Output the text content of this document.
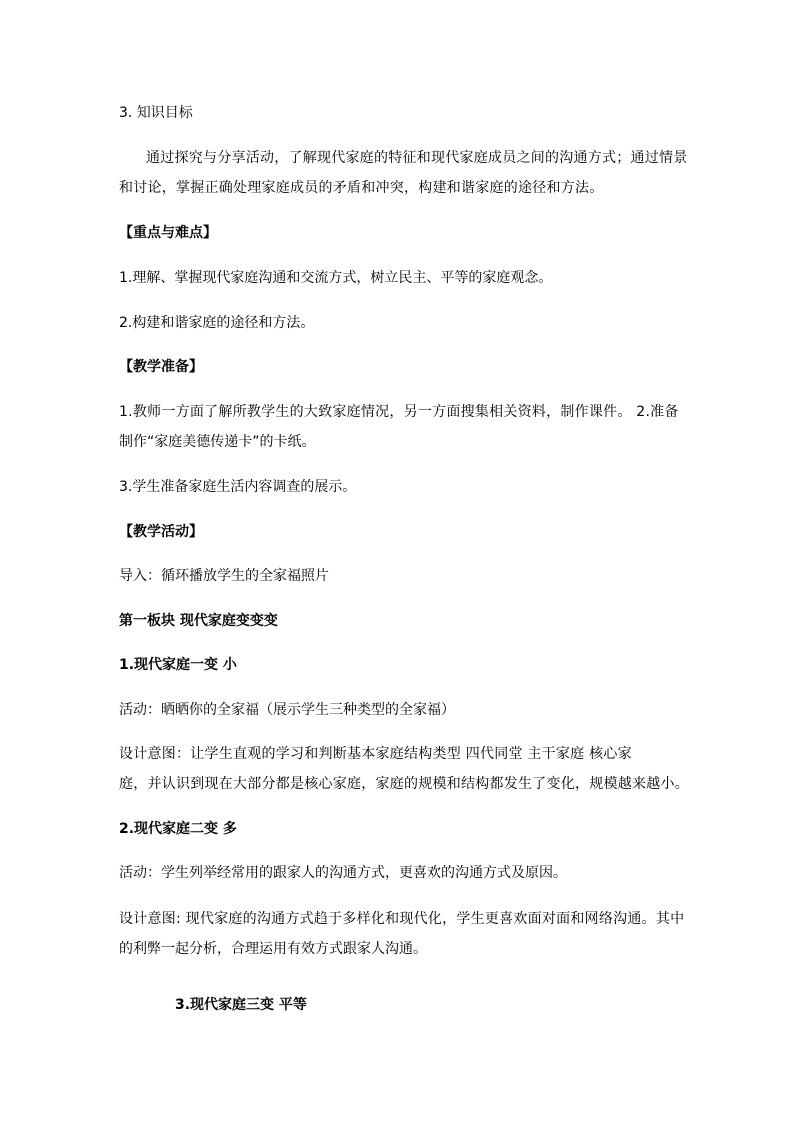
3. 知识目标
通过探究与分享活动，了解现代家庭的特征和现代家庭成员之间的沟通方式；通过情景
和讨论，掌握正确处理家庭成员的矛盾和冲突，构建和谐家庭的途径和方法。
【重点与难点】
1.理解、掌握现代家庭沟通和交流方式，树立民主、平等的家庭观念。
2.构建和谐家庭的途径和方法。
【教学准备】
1.教师一方面了解所教学生的大致家庭情况，另一方面搜集相关资料，制作课件。 2.准备
制作“家庭美德传递卡”的卡纸。
3.学生准备家庭生活内容调查的展示。
【教学活动】
导入：循环播放学生的全家福照片
第一板块 现代家庭变变变
1.现代家庭一变 小
活动：晒晒你的全家福（展示学生三种类型的全家福）
设计意图：让学生直观的学习和判断基本家庭结构类型 四代同堂 主干家庭 核心家
庭，并认识到现在大部分都是核心家庭，家庭的规模和结构都发生了变化，规模越来越小。
2.现代家庭二变 多
活动：学生列举经常用的跟家人的沟通方式，更喜欢的沟通方式及原因。
设计意图: 现代家庭的沟通方式趋于多样化和现代化，学生更喜欢面对面和网络沟通。其中
的利弊一起分析，合理运用有效方式跟家人沟通。
3.现代家庭三变 平等
